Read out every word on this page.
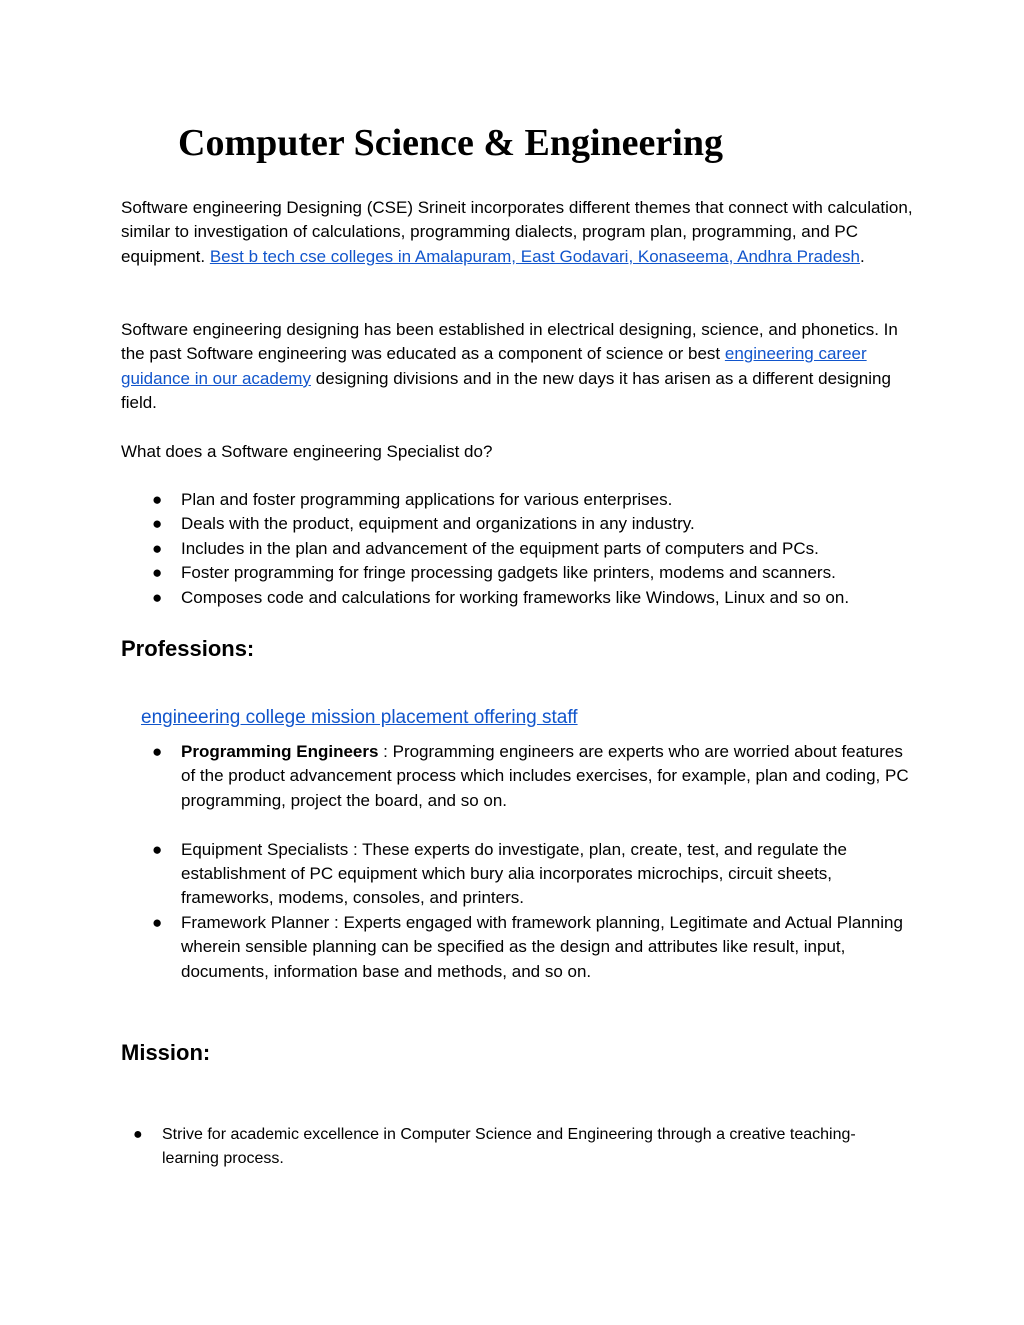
Computer Science & Engineering

Software engineering Designing (CSE) Srineit incorporates different themes that connect with calculation, similar to investigation of calculations, programming dialects, program plan, programming, and PC equipment. Best b tech cse colleges in Amalapuram, East Godavari, Konaseema, Andhra Pradesh.

Software engineering designing has been established in electrical designing, science, and phonetics. In the past Software engineering was educated as a component of science or best engineering career guidance in our academy designing divisions and in the new days it has arisen as a different designing field.

What does a Software engineering Specialist do?

● Plan and foster programming applications for various enterprises.
● Deals with the product, equipment and organizations in any industry.
● Includes in the plan and advancement of the equipment parts of computers and PCs.
● Foster programming for fringe processing gadgets like printers, modems and scanners.
● Composes code and calculations for working frameworks like Windows, Linux and so on.
Professions:
engineering college mission placement offering staff
● Programming Engineers : Programming engineers are experts who are worried about features of the product advancement process which includes exercises, for example, plan and coding, PC programming, project the board, and so on.
● Equipment Specialists : These experts do investigate, plan, create, test, and regulate the establishment of PC equipment which bury alia incorporates microchips, circuit sheets, frameworks, modems, consoles, and printers.
● Framework Planner : Experts engaged with framework planning, Legitimate and Actual Planning wherein sensible planning can be specified as the design and attributes like result, input, documents, information base and methods, and so on.
Mission:
● Strive for academic excellence in Computer Science and Engineering through a creative teaching-learning process.
